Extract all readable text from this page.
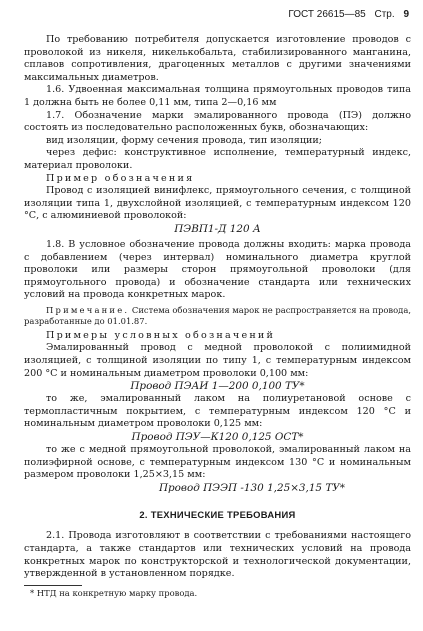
ГОСТ 26615—85 Стр. 9

По требованию потребителя допускается изготовление проводов с проволокой из никеля, никелькобальта, стабилизированного манганина, сплавов сопротивления, драгоценных металлов с другими значениями максимальных диаметров.

1.6. Удвоенная максимальная толщина прямоугольных проводов типа 1 должна быть не более 0,11 мм, типа 2—0,16 мм

1.7. Обозначение марки эмалированного провода (ПЭ) должно состоять из последовательно расположенных букв, обозначающих:

вид изоляции, форму сечения провода, тип изоляции;

через дефис: конструктивное исполнение, температурный индекс, материал проволоки.

Пример обозначения

Провод с изоляцией винифлекс, прямоугольного сечения, с толщиной изоляции типа 1, двухслойной изоляцией, с температурным индексом 120 °С, с алюминиевой проволокой:

ПЭВП1-Д 120 А

1.8. В условное обозначение провода должны входить: марка провода с добавлением (через интервал) номинального диаметра круглой проволоки или размеры сторон прямоугольной проволоки (для прямоугольного провода) и обозначение стандарта или технических условий на провода конкретных марок.

Примечание. Система обозначения марок не распространяется на провода, разработанные до 01.01.87.

Примеры условных обозначений

Эмалированный провод с медной проволокой с полиимидной изоляцией, с толщиной изоляции по типу 1, с температурным индексом 200 °С и номинальным диаметром проволоки 0,100 мм:

Провод ПЭАИ 1—200 0,100 ТУ*

то же, эмалированный лаком на полиуретановой основе с термопластичным покрытием, с температурным индексом 120 °С и номинальным диаметром проволоки 0,125 мм:

Провод ПЭУ—К120 0,125 ОСТ*

то же с медной прямоугольной проволокой, эмалированный лаком на полиэфирной основе, с температурным индексом 130 °С и номинальным размером проволоки 1,25×3,15 мм:

Провод ПЭЭП -130 1,25×3,15 ТУ*

2. ТЕХНИЧЕСКИЕ ТРЕБОВАНИЯ

2.1. Провода изготовляют в соответствии с требованиями настоящего стандарта, а также стандартов или технических условий на провода конкретных марок по конструкторской и технологической документации, утвержденной в установленном порядке.

* НТД на конкретную марку провода.
